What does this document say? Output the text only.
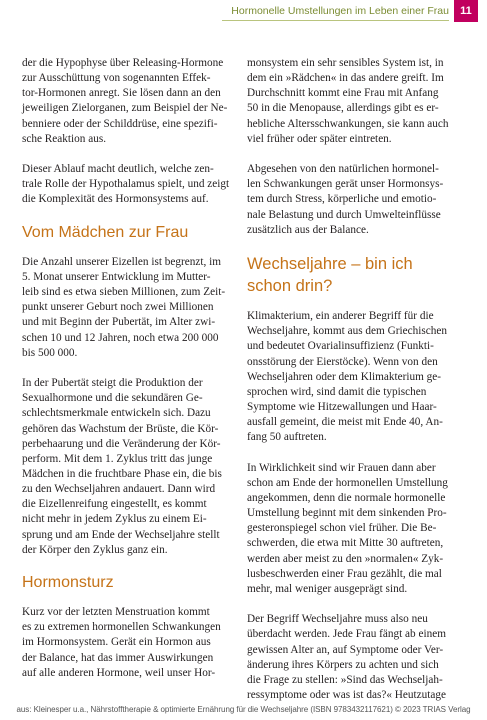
Hormonelle Umstellungen im Leben einer Frau	11

der die Hypophyse über Releasing-Hormone
zur Ausschüttung von sogenannten Effek-
tor-Hormonen anregt. Sie lösen dann an den
jeweiligen Zielorganen, zum Beispiel der Ne-
benniere oder der Schilddrüse, eine spezifi-
sche Reaktion aus.

Dieser Ablauf macht deutlich, welche zen-
trale Rolle der Hypothalamus spielt, und zeigt
die Komplexität des Hormonsystems auf.

Vom Mädchen zur Frau

Die Anzahl unserer Eizellen ist begrenzt, im
5. Monat unserer Entwicklung im Mutter-
leib sind es etwa sieben Millionen, zum Zeit-
punkt unserer Geburt noch zwei Millionen
und mit Beginn der Pubertät, im Alter zwi-
schen 10 und 12 Jahren, noch etwa 200 000
bis 500 000.

In der Pubertät steigt die Produktion der
Sexualhormone und die sekundären Ge-
schlechtsmerkmale entwickeln sich. Dazu
gehören das Wachstum der Brüste, die Kör-
perbehaarung und die Veränderung der Kör-
perform. Mit dem 1. Zyklus tritt das junge
Mädchen in die fruchtbare Phase ein, die bis
zu den Wechseljahren andauert. Dann wird
die Eizellenreifung eingestellt, es kommt
nicht mehr in jedem Zyklus zu einem Ei-
sprung und am Ende der Wechseljahre stellt
der Körper den Zyklus ganz ein.

Hormonsturz

Kurz vor der letzten Menstruation kommt
es zu extremen hormonellen Schwankungen
im Hormonsystem. Gerät ein Hormon aus
der Balance, hat das immer Auswirkungen
auf alle anderen Hormone, weil unser Hor-

monsystem ein sehr sensibles System ist, in
dem ein »Rädchen« in das andere greift. Im
Durchschnitt kommt eine Frau mit Anfang
50 in die Menopause, allerdings gibt es er-
hebliche Altersschwankungen, sie kann auch
viel früher oder später eintreten.

Abgesehen von den natürlichen hormonel-
len Schwankungen gerät unser Hormonsys-
tem durch Stress, körperliche und emotio-
nale Belastung und durch Umwelteinflüsse
zusätzlich aus der Balance.

Wechseljahre – bin ich
schon drin?

Klimakterium, ein anderer Begriff für die
Wechseljahre, kommt aus dem Griechischen
und bedeutet Ovarialinsuffizienz (Funkti-
onsstörung der Eierstöcke). Wenn von den
Wechseljahren oder dem Klimakterium ge-
sprochen wird, sind damit die typischen
Symptome wie Hitzewallungen und Haar-
ausfall gemeint, die meist mit Ende 40, An-
fang 50 auftreten.

In Wirklichkeit sind wir Frauen dann aber
schon am Ende der hormonellen Umstellung
angekommen, denn die normale hormonelle
Umstellung beginnt mit dem sinkenden Pro-
gesteronspiegel schon viel früher. Die Be-
schwerden, die etwa mit Mitte 30 auftreten,
werden aber meist zu den »normalen« Zyk-
lusbeschwerden einer Frau gezählt, die mal
mehr, mal weniger ausgeprägt sind.

Der Begriff Wechseljahre muss also neu
überdacht werden. Jede Frau fängt ab einem
gewissen Alter an, auf Symptome oder Ver-
änderung ihres Körpers zu achten und sich
die Frage zu stellen: »Sind das Wechseljah-
ressymptome oder was ist das?« Heutzutage

aus: Kleinesper u.a., Nährstofftherapie & optimierte Ernährung für die Wechseljahre (ISBN 9783432117621) © 2023 TRIAS Verlag
